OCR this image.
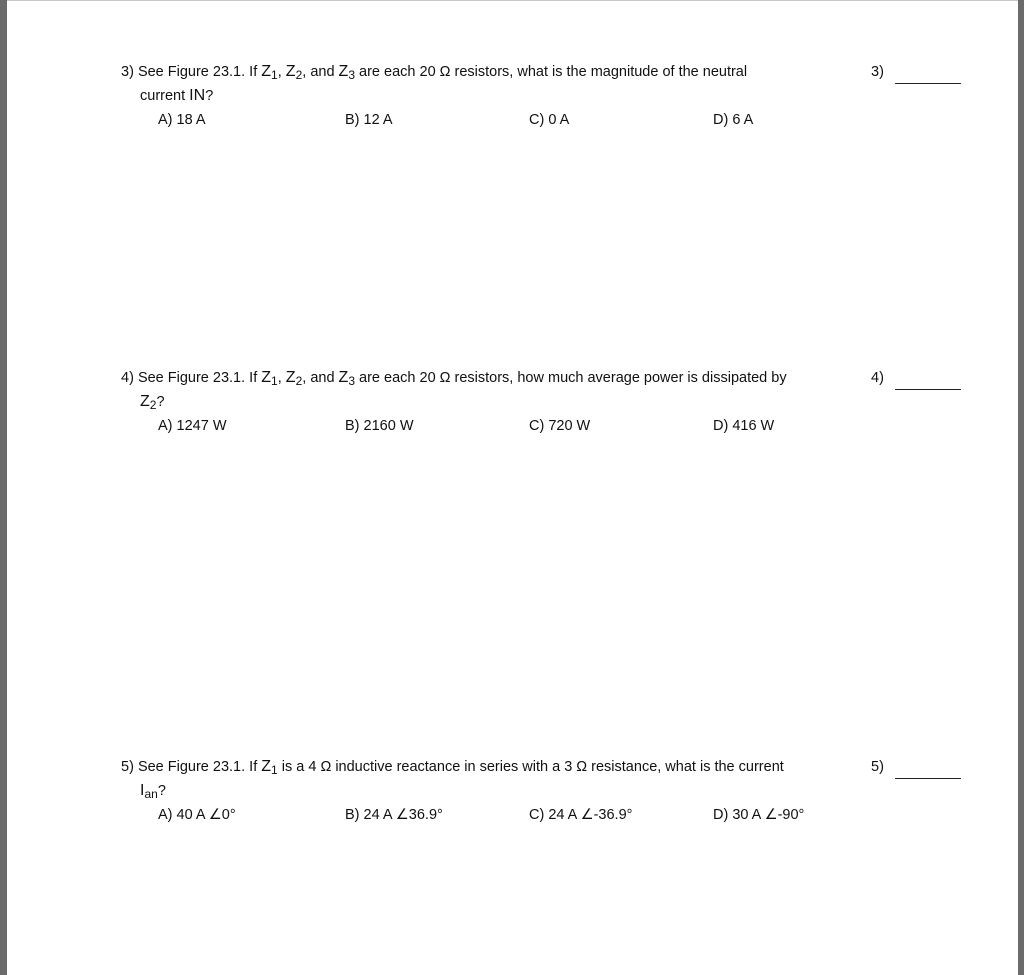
3) See Figure 23.1. If $Z_1$, $Z_2$, and $Z_3$ are each 20 Ω resistors, what is the magnitude of the neutral
current IN?
A) 18 A	B) 12 A	C) 0 A	D) 6 A
3)
4) See Figure 23.1. If $Z_1$, $Z_2$, and $Z_3$ are each 20 Ω resistors, how much average power is dissipated by
$Z_2$?
A) 1247 W	B) 2160 W	C) 720 W	D) 416 W
4)
5) See Figure 23.1. If $Z_1$ is a 4 Ω inductive reactance in series with a 3 Ω resistance, what is the current
$I_{an}$?
A) 40 A ∠0°	B) 24 A ∠36.9°	C) 24 A ∠-36.9°	D) 30 A ∠-90°
5)
